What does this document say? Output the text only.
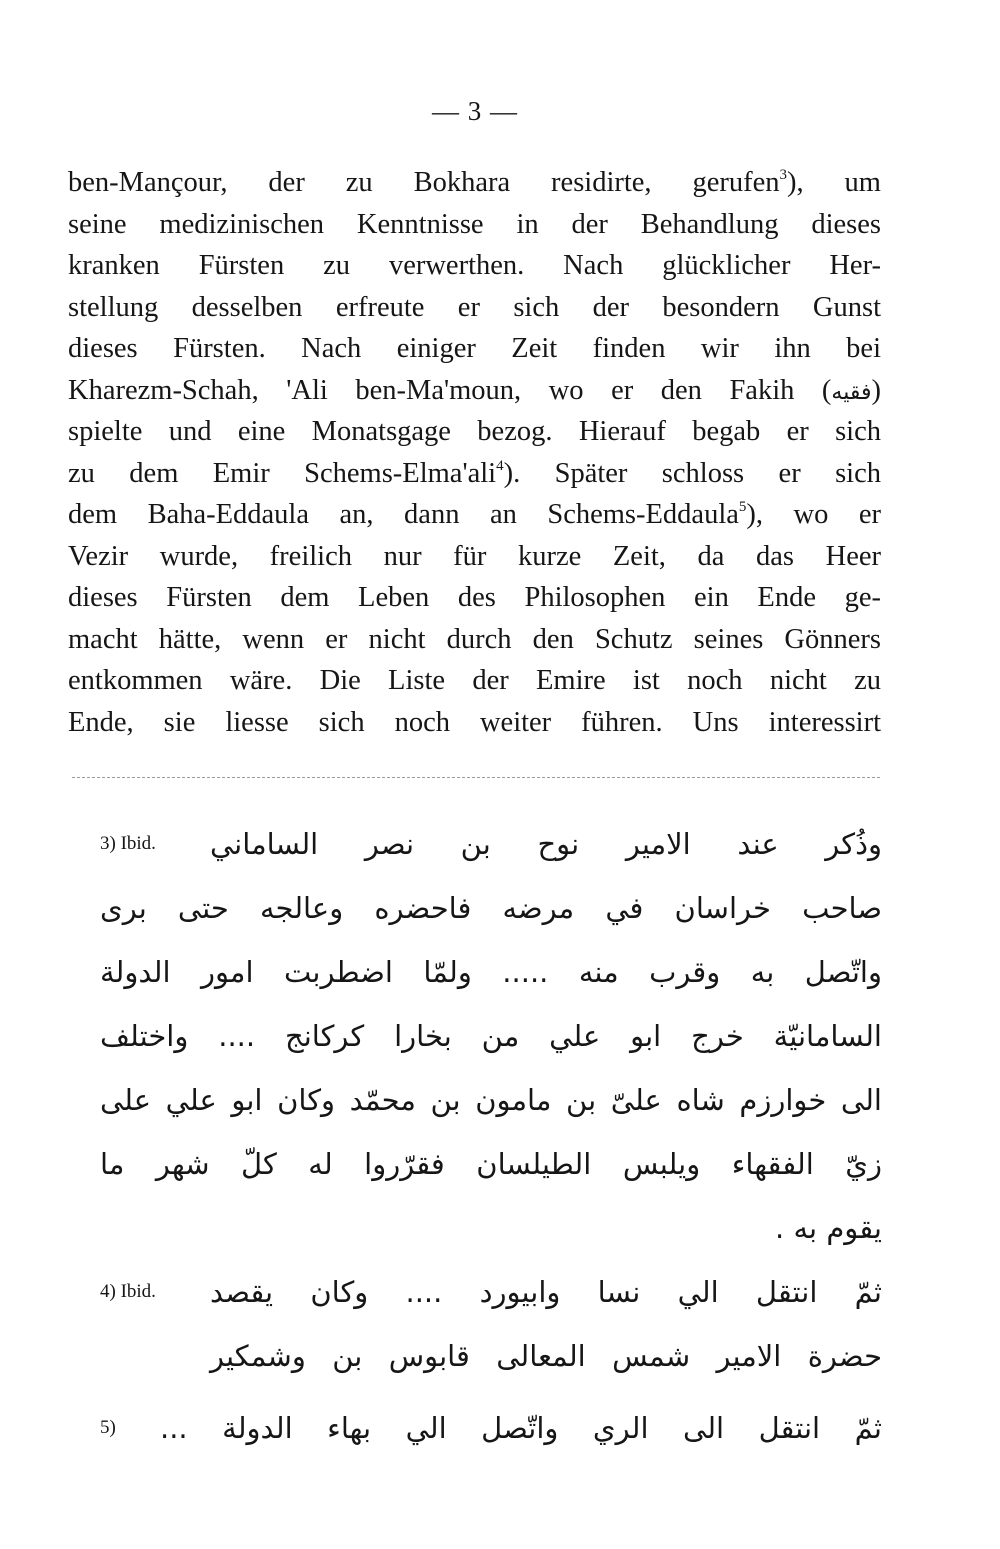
— 3 —
ben-Mançour, der zu Bokhara residirte, gerufen$^3$), um
seine medizinischen Kenntnisse in der Behandlung dieses
kranken Fürsten zu verwerthen. Nach glücklicher Her-
stellung desselben erfreute er sich der besondern Gunst
dieses Fürsten. Nach einiger Zeit finden wir ihn bei
Kharezm-Schah, 'Ali ben-Ma'moun, wo er den Fakih (فقيه)
spielte und eine Monatsgage bezog. Hierauf begab er sich
zu dem Emir Schems-Elma'ali$^4$). Später schloss er sich
dem Baha-Eddaula an, dann an Schems-Eddaula$^5$), wo er
Vezir wurde, freilich nur für kurze Zeit, da das Heer
dieses Fürsten dem Leben des Philosophen ein Ende ge-
macht hätte, wenn er nicht durch den Schutz seines Gönners
entkommen wäre. Die Liste der Emire ist noch nicht zu
Ende, sie liesse sich noch weiter führen. Uns interessirt
3) Ibid. وذُكر عند الامير نوح بن نصر الساماني
صاحب خراسان في مرضه فاحضره وعالجه حتى برى
واتّصل به وقرب منه ..... ولمّا اضطربت امور الدولة
السامانيّة خرج ابو علي من بخارا كركانج .... واختلف
الى خوارزم شاه علىّ بن مامون بن محمّد وكان ابو علي على
زيّ الفقهاء ويلبس الطيلسان فقرّروا له كلّ شهر ما
يقوم به .
4) Ibid. ثمّ انتقل الي نسا وابيورد .... وكان يقصد
حضرة الامير شمس المعالى قابوس بن وشمكير
5) ثمّ انتقل الى الري واتّصل الي بهاء الدولة ...
